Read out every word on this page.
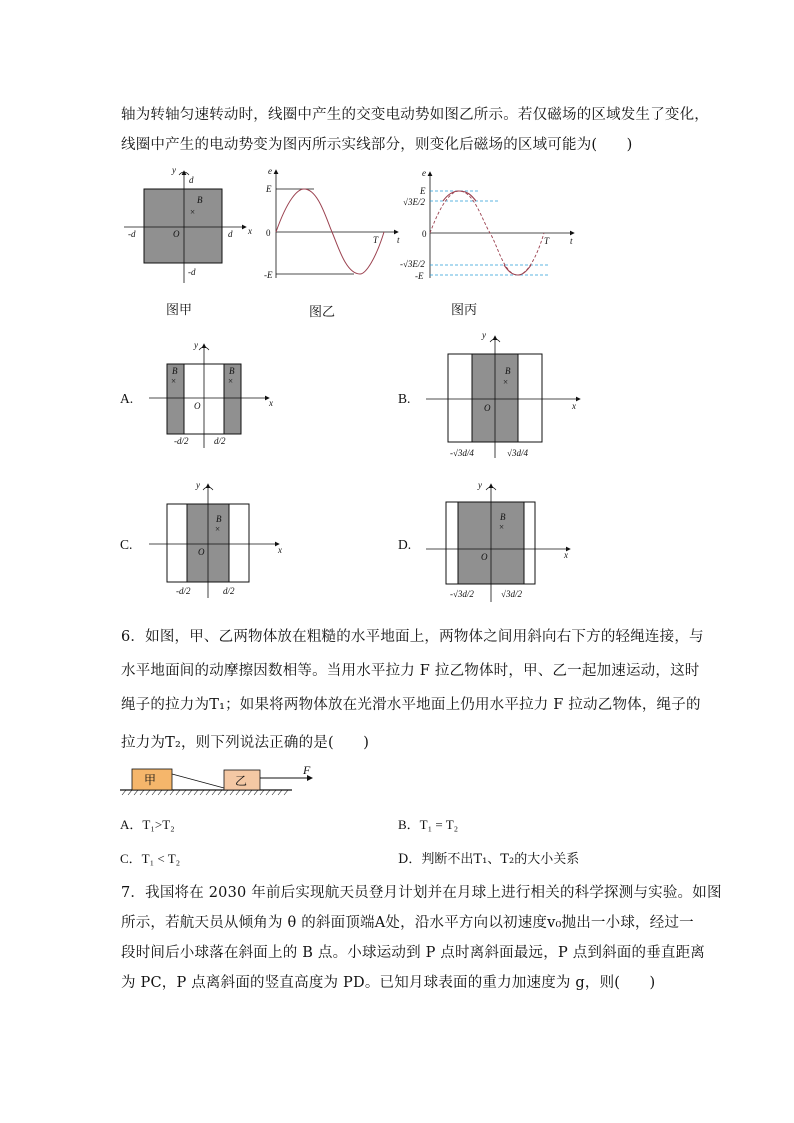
轴为转轴匀速转动时，线圈中产生的交变电动势如图乙所示。若仅磁场的区域发生了变化，
线圈中产生的电动势变为图丙所示实线部分，则变化后磁场的区域可能为(　　)
y
d
B
×
O	d x
-d
-d
图甲
e
E
0
-E
T t
图乙
e
E
√3E/2
0
-√3E/2
-E
T t
图丙
A.
y
B
×
B
×
O	x
-d/2	d/2
B.
y
B
×
O	x
-√3d/4	√3d/4
C.
y
B
×
O	x
-d/2	d/2
D.
y
B
×
O	x
-√3d/2	√3d/2
6．如图，甲、乙两物体放在粗糙的水平地面上，两物体之间用斜向右下方的轻绳连接，与
水平地面间的动摩擦因数相等。当用水平拉力 F 拉乙物体时，甲、乙一起加速运动，这时
绳子的拉力为T₁；如果将两物体放在光滑水平地面上仍用水平拉力 F 拉动乙物体，绳子的
拉力为T₂，则下列说法正确的是(　　)
甲	乙
F
A．T₁>T₂	B．T₁ = T₂
C．T₁ < T₂	D．判断不出T₁、T₂的大小关系
7．我国将在 2030 年前后实现航天员登月计划并在月球上进行相关的科学探测与实验。如图
所示，若航天员从倾角为 θ 的斜面顶端A处，沿水平方向以初速度v₀抛出一小球，经过一
段时间后小球落在斜面上的 B 点。小球运动到 P 点时离斜面最远，P 点到斜面的垂直距离
为 PC，P 点离斜面的竖直高度为 PD。已知月球表面的重力加速度为 g，则(　　)
